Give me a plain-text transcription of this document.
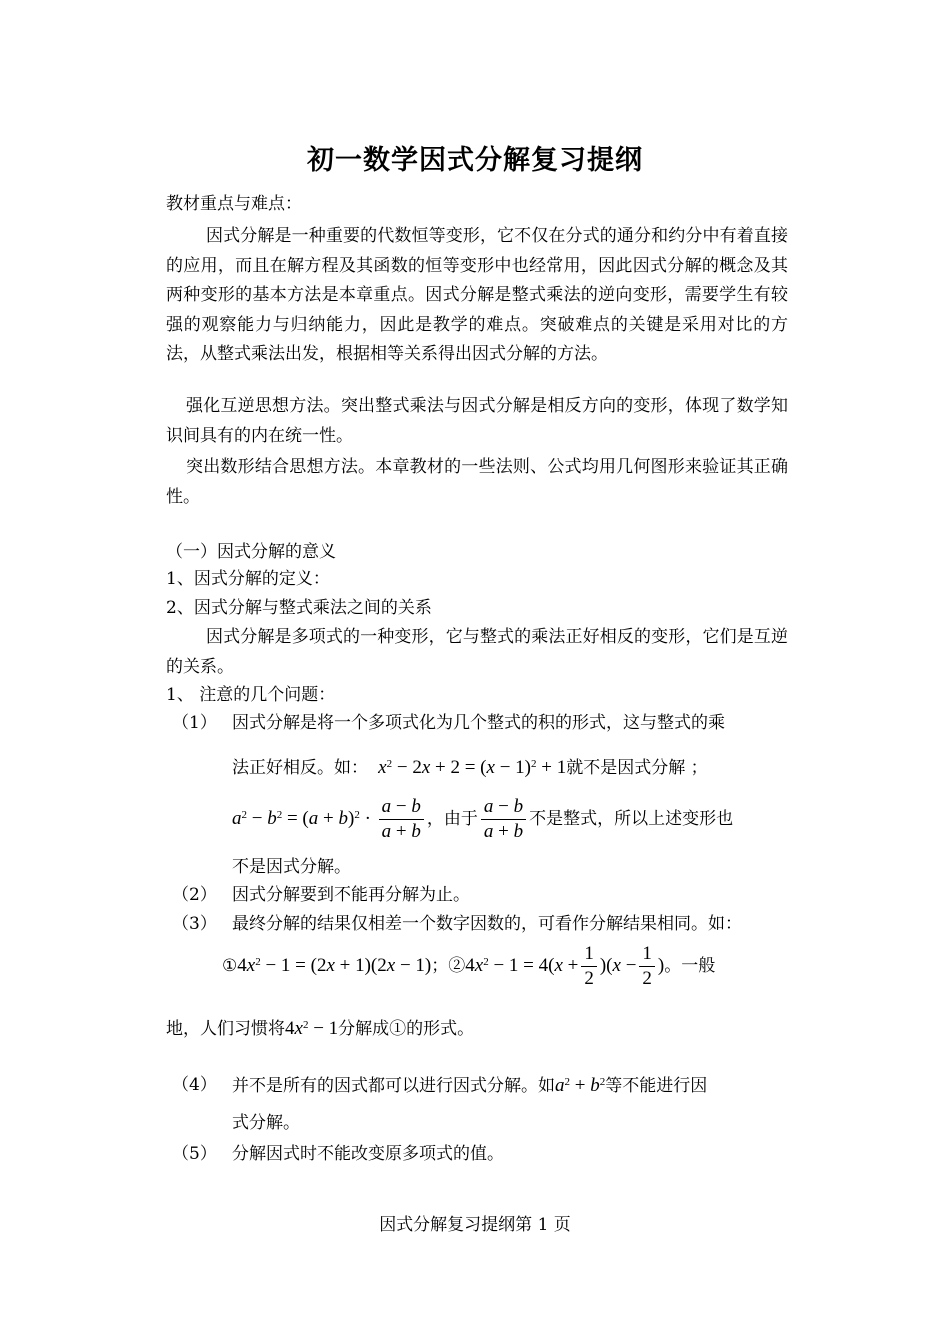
初一数学因式分解复习提纲
教材重点与难点：
因式分解是一种重要的代数恒等变形，它不仅在分式的通分和约分中有着直接的应用，而且在解方程及其函数的恒等变形中也经常用，因此因式分解的概念及其两种变形的基本方法是本章重点。因式分解是整式乘法的逆向变形，需要学生有较强的观察能力与归纳能力，因此是教学的难点。突破难点的关键是采用对比的方法，从整式乘法出发，根据相等关系得出因式分解的方法。
强化互逆思想方法。突出整式乘法与因式分解是相反方向的变形，体现了数学知识间具有的内在统一性。
突出数形结合思想方法。本章教材的一些法则、公式均用几何图形来验证其正确性。
（一）因式分解的意义
1、因式分解的定义：
2、因式分解与整式乘法之间的关系
因式分解是多项式的一种变形，它与整式的乘法正好相反的变形，它们是互逆的关系。
1、 注意的几个问题：
（1） 因式分解是将一个多项式化为几个整式的积的形式，这与整式的乘
法正好相反。如：  $x^2 - 2x + 2 = (x - 1)^2 + 1$就不是因式分解 ；
$a^2 - b^2 = (a + b)^2 \cdot \frac{a - b}{a + b}$ ，由于 $\frac{a - b}{a + b}$ 不是整式，所以上述变形也
不是因式分解。
（2） 因式分解要到不能再分解为止。
（3） 最终分解的结果仅相差一个数字因数的，可看作分解结果相同。如：
$①4x^2 - 1 = (2x + 1)(2x - 1)$；$②4x^2 - 1 = 4(x + \frac{1}{2} )(x - \frac{1}{2}$ )。一般
地，人们习惯将$4x^2 - 1$分解成①的形式。
（4） 并不是所有的因式都可以进行因式分解。如$a^2 + b^2$等不能进行因
式分解。
（5） 分解因式时不能改变原多项式的值。
因式分解复习提纲第 1 页
